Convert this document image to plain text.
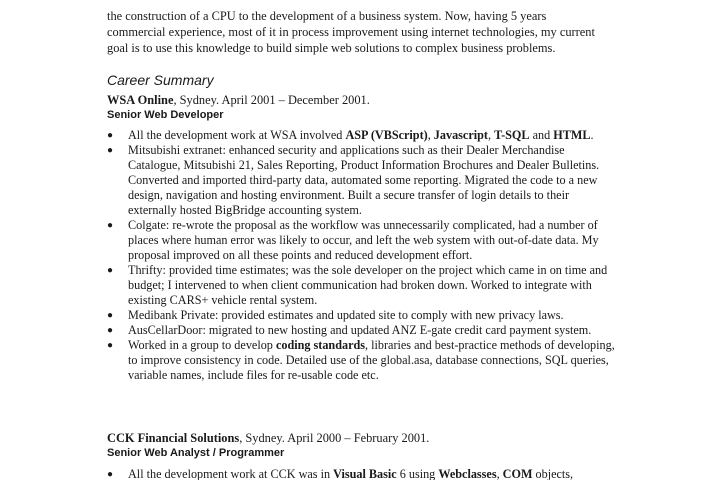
the construction of a CPU to the development of a business system. Now, having 5 years commercial experience, most of it in process improvement using internet technologies, my current goal is to use this knowledge to build simple web solutions to complex business problems.

Career Summary

WSA Online, Sydney. April 2001 – December 2001.

Senior Web Developer

● All the development work at WSA involved ASP (VBScript), Javascript, T-SQL and HTML.
● Mitsubishi extranet: enhanced security and applications such as their Dealer Merchandise Catalogue, Mitsubishi 21, Sales Reporting, Product Information Brochures and Dealer Bulletins. Converted and imported third-party data, automated some reporting. Migrated the code to a new design, navigation and hosting environment. Built a secure transfer of login details to their externally hosted BigBridge accounting system.
● Colgate: re-wrote the proposal as the workflow was unnecessarily complicated, had a number of places where human error was likely to occur, and left the web system with out-of-date data. My proposal improved on all these points and reduced development effort.
● Thrifty: provided time estimates; was the sole developer on the project which came in on time and budget; I intervened to when client communication had broken down. Worked to integrate with existing CARS+ vehicle rental system.
● Medibank Private: provided estimates and updated site to comply with new privacy laws.
● AusCellarDoor: migrated to new hosting and updated ANZ E-gate credit card payment system.
● Worked in a group to develop coding standards, libraries and best-practice methods of developing, to improve consistency in code. Detailed use of the global.asa, database connections, SQL queries, variable names, include files for re-usable code etc.

CCK Financial Solutions, Sydney. April 2000 – February 2001.

Senior Web Analyst / Programmer

● All the development work at CCK was in Visual Basic 6 using Webclasses, COM objects,
